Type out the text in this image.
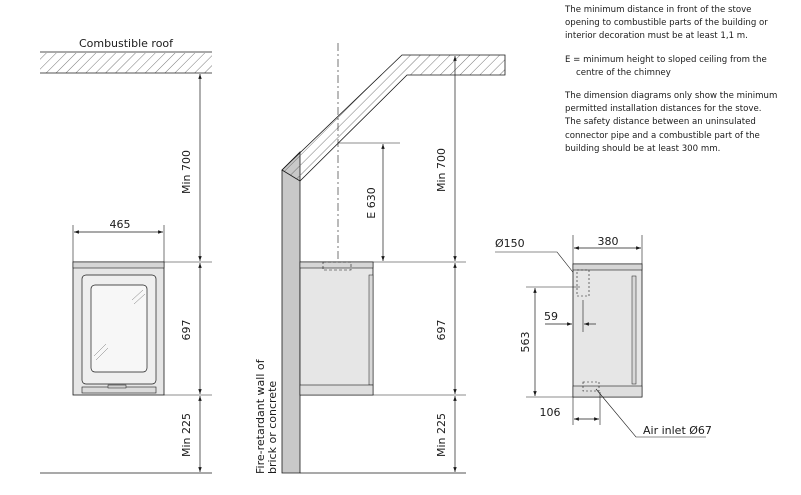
Combustible roof
465
Min 700
697
Min 225
E 630
Min 700
697
Min 225
Fire-retardant wall of brick or concrete
380
Ø150
59
563
106
Air inlet Ø67

The minimum distance in front of the stove
opening to combustible parts of the building or
interior decoration must be at least 1,1 m.

E = minimum height to sloped ceiling from the

centre of the chimney

The dimension diagrams only show the minimum
permitted installation distances for the stove.
The safety distance between an uninsulated
connector pipe and a combustible part of the
building should be at least 300 mm.
